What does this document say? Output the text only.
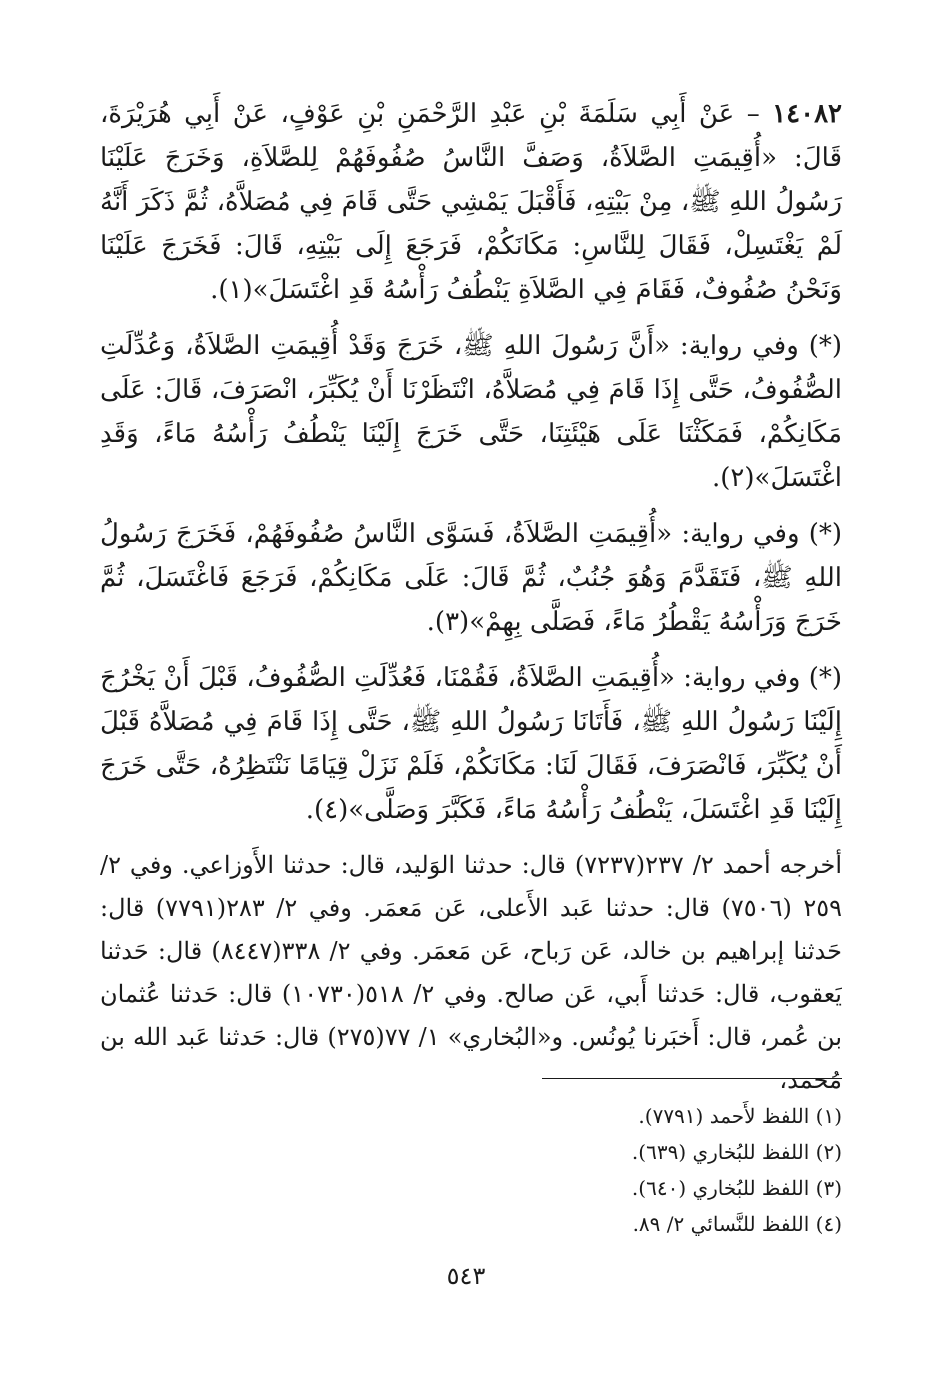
١٤٠٨٢ – عَنْ أَبِي سَلَمَةَ بْنِ عَبْدِ الرَّحْمَنِ بْنِ عَوْفٍ، عَنْ أَبِي هُرَيْرَةَ، قَالَ: «أُقِيمَتِ الصَّلاَةُ، وَصَفَّ النَّاسُ صُفُوفَهُمْ لِلصَّلاَةِ، وَخَرَجَ عَلَيْنَا رَسُولُ اللهِ ﷺ، مِنْ بَيْتِهِ، فَأَقْبَلَ يَمْشِي حَتَّى قَامَ فِي مُصَلاَّهُ، ثُمَّ ذَكَرَ أَنَّهُ لَمْ يَغْتَسِلْ، فَقَالَ لِلنَّاسِ: مَكَانَكُمْ، فَرَجَعَ إِلَى بَيْتِهِ، قَالَ: فَخَرَجَ عَلَيْنَا وَنَحْنُ صُفُوفٌ، فَقَامَ فِي الصَّلاَةِ يَنْطُفُ رَأْسُهُ قَدِ اغْتَسَلَ»(١).

(*) وفي رواية: «أَنَّ رَسُولَ اللهِ ﷺ، خَرَجَ وَقَدْ أُقِيمَتِ الصَّلاَةُ، وَعُدِّلَتِ الصُّفُوفُ، حَتَّى إِذَا قَامَ فِي مُصَلاَّهُ، انْتَظَرْنَا أَنْ يُكَبِّرَ، انْصَرَفَ، قَالَ: عَلَى مَكَانِكُمْ، فَمَكَثْنَا عَلَى هَيْئَتِنَا، حَتَّى خَرَجَ إِلَيْنَا يَنْطُفُ رَأْسُهُ مَاءً، وَقَدِ اغْتَسَلَ»(٢).

(*) وفي رواية: «أُقِيمَتِ الصَّلاَةُ، فَسَوَّى النَّاسُ صُفُوفَهُمْ، فَخَرَجَ رَسُولُ اللهِ ﷺ، فَتَقَدَّمَ وَهُوَ جُنُبٌ، ثُمَّ قَالَ: عَلَى مَكَانِكُمْ، فَرَجَعَ فَاغْتَسَلَ، ثُمَّ خَرَجَ وَرَأْسُهُ يَقْطُرُ مَاءً، فَصَلَّى بِهِمْ»(٣).

(*) وفي رواية: «أُقِيمَتِ الصَّلاَةُ، فَقُمْنَا، فَعُدِّلَتِ الصُّفُوفُ، قَبْلَ أَنْ يَخْرُجَ إِلَيْنَا رَسُولُ اللهِ ﷺ، فَأَتَانَا رَسُولُ اللهِ ﷺ، حَتَّى إِذَا قَامَ فِي مُصَلاَّهُ قَبْلَ أَنْ يُكَبِّرَ، فَانْصَرَفَ، فَقَالَ لَنَا: مَكَانَكُمْ، فَلَمْ نَزَلْ قِيَامًا نَنْتَظِرُهُ، حَتَّى خَرَجَ إِلَيْنَا قَدِ اغْتَسَلَ، يَنْطُفُ رَأْسُهُ مَاءً، فَكَبَّرَ وَصَلَّى»(٤).

أخرجه أحمد ٢/ ٢٣٧(٧٢٣٧) قال: حدثنا الوَليد، قال: حدثنا الأَوزاعي. وفي ٢/ ٢٥٩ (٧٥٠٦) قال: حدثنا عَبد الأَعلى، عَن مَعمَر. وفي ٢/ ٢٨٣(٧٧٩١) قال: حَدثنا إبراهيم بن خالد، عَن رَباح، عَن مَعمَر. وفي ٢/ ٣٣٨(٨٤٤٧) قال: حَدثنا يَعقوب، قال: حَدثنا أَبي، عَن صالح. وفي ٢/ ٥١٨(١٠٧٣٠) قال: حَدثنا عُثمان بن عُمر، قال: أَخبَرنا يُونُس. و«البُخاري» ١/ ٧٧(٢٧٥) قال: حَدثنا عَبد الله بن مُحمد،

(١) اللفظ لأَحمد (٧٧٩١).

(٢) اللفظ للبُخاري (٦٣٩).

(٣) اللفظ للبُخاري (٦٤٠).

(٤) اللفظ للنَّسائي ٢/ ٨٩.

٥٤٣
